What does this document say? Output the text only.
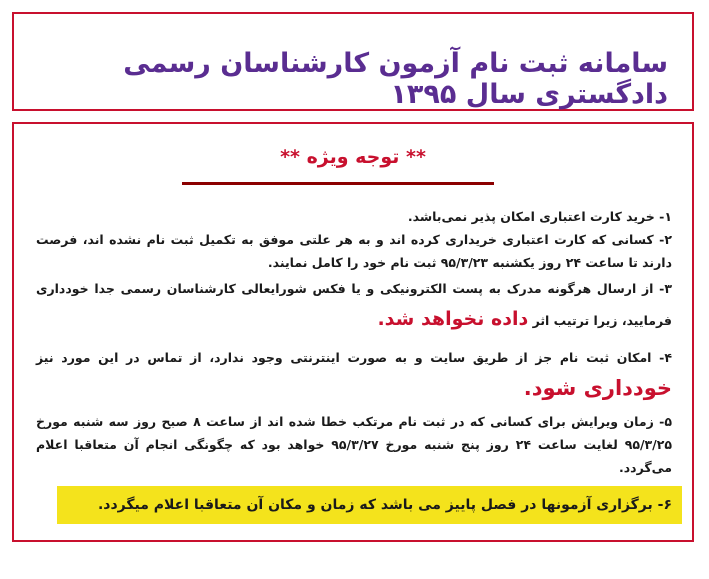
سامانه ثبت نام آزمون کارشناسان رسمی دادگستری سال ۱۳۹۵
** توجه ویژه **

۱- خرید کارت اعتباری امکان پذیر نمی‌باشد.

۲- کسانی که کارت اعتباری خریداری کرده اند و به هر علتی موفق به تکمیل ثبت نام نشده اند، فرصت دارند تا ساعت ۲۴ روز یکشنبه ۹۵/۳/۲۳ ثبت نام خود را کامل نمایند.

۳- از ارسال هرگونه مدرک به پست الکترونیکی و یا فکس شورایعالی کارشناسان رسمی جدا خودداری فرمایید، زیرا ترتیب اثر داده نخواهد شد.

۴- امکان ثبت نام جز از طریق سایت و به صورت اینترنتی وجود ندارد، از تماس در این مورد نیز خودداری شود.

۵- زمان ویرایش برای کسانی که در ثبت نام مرتکب خطا شده اند از ساعت ۸ صبح روز سه شنبه مورخ ۹۵/۳/۲۵ لغایت ساعت ۲۴ روز پنج شنبه مورخ ۹۵/۳/۲۷ خواهد بود که چگونگی انجام آن متعاقبا اعلام می‌گردد.

۶- برگزاری آزمونها در فصل پاییز می باشد که زمان و مکان آن متعاقبا اعلام میگردد.
